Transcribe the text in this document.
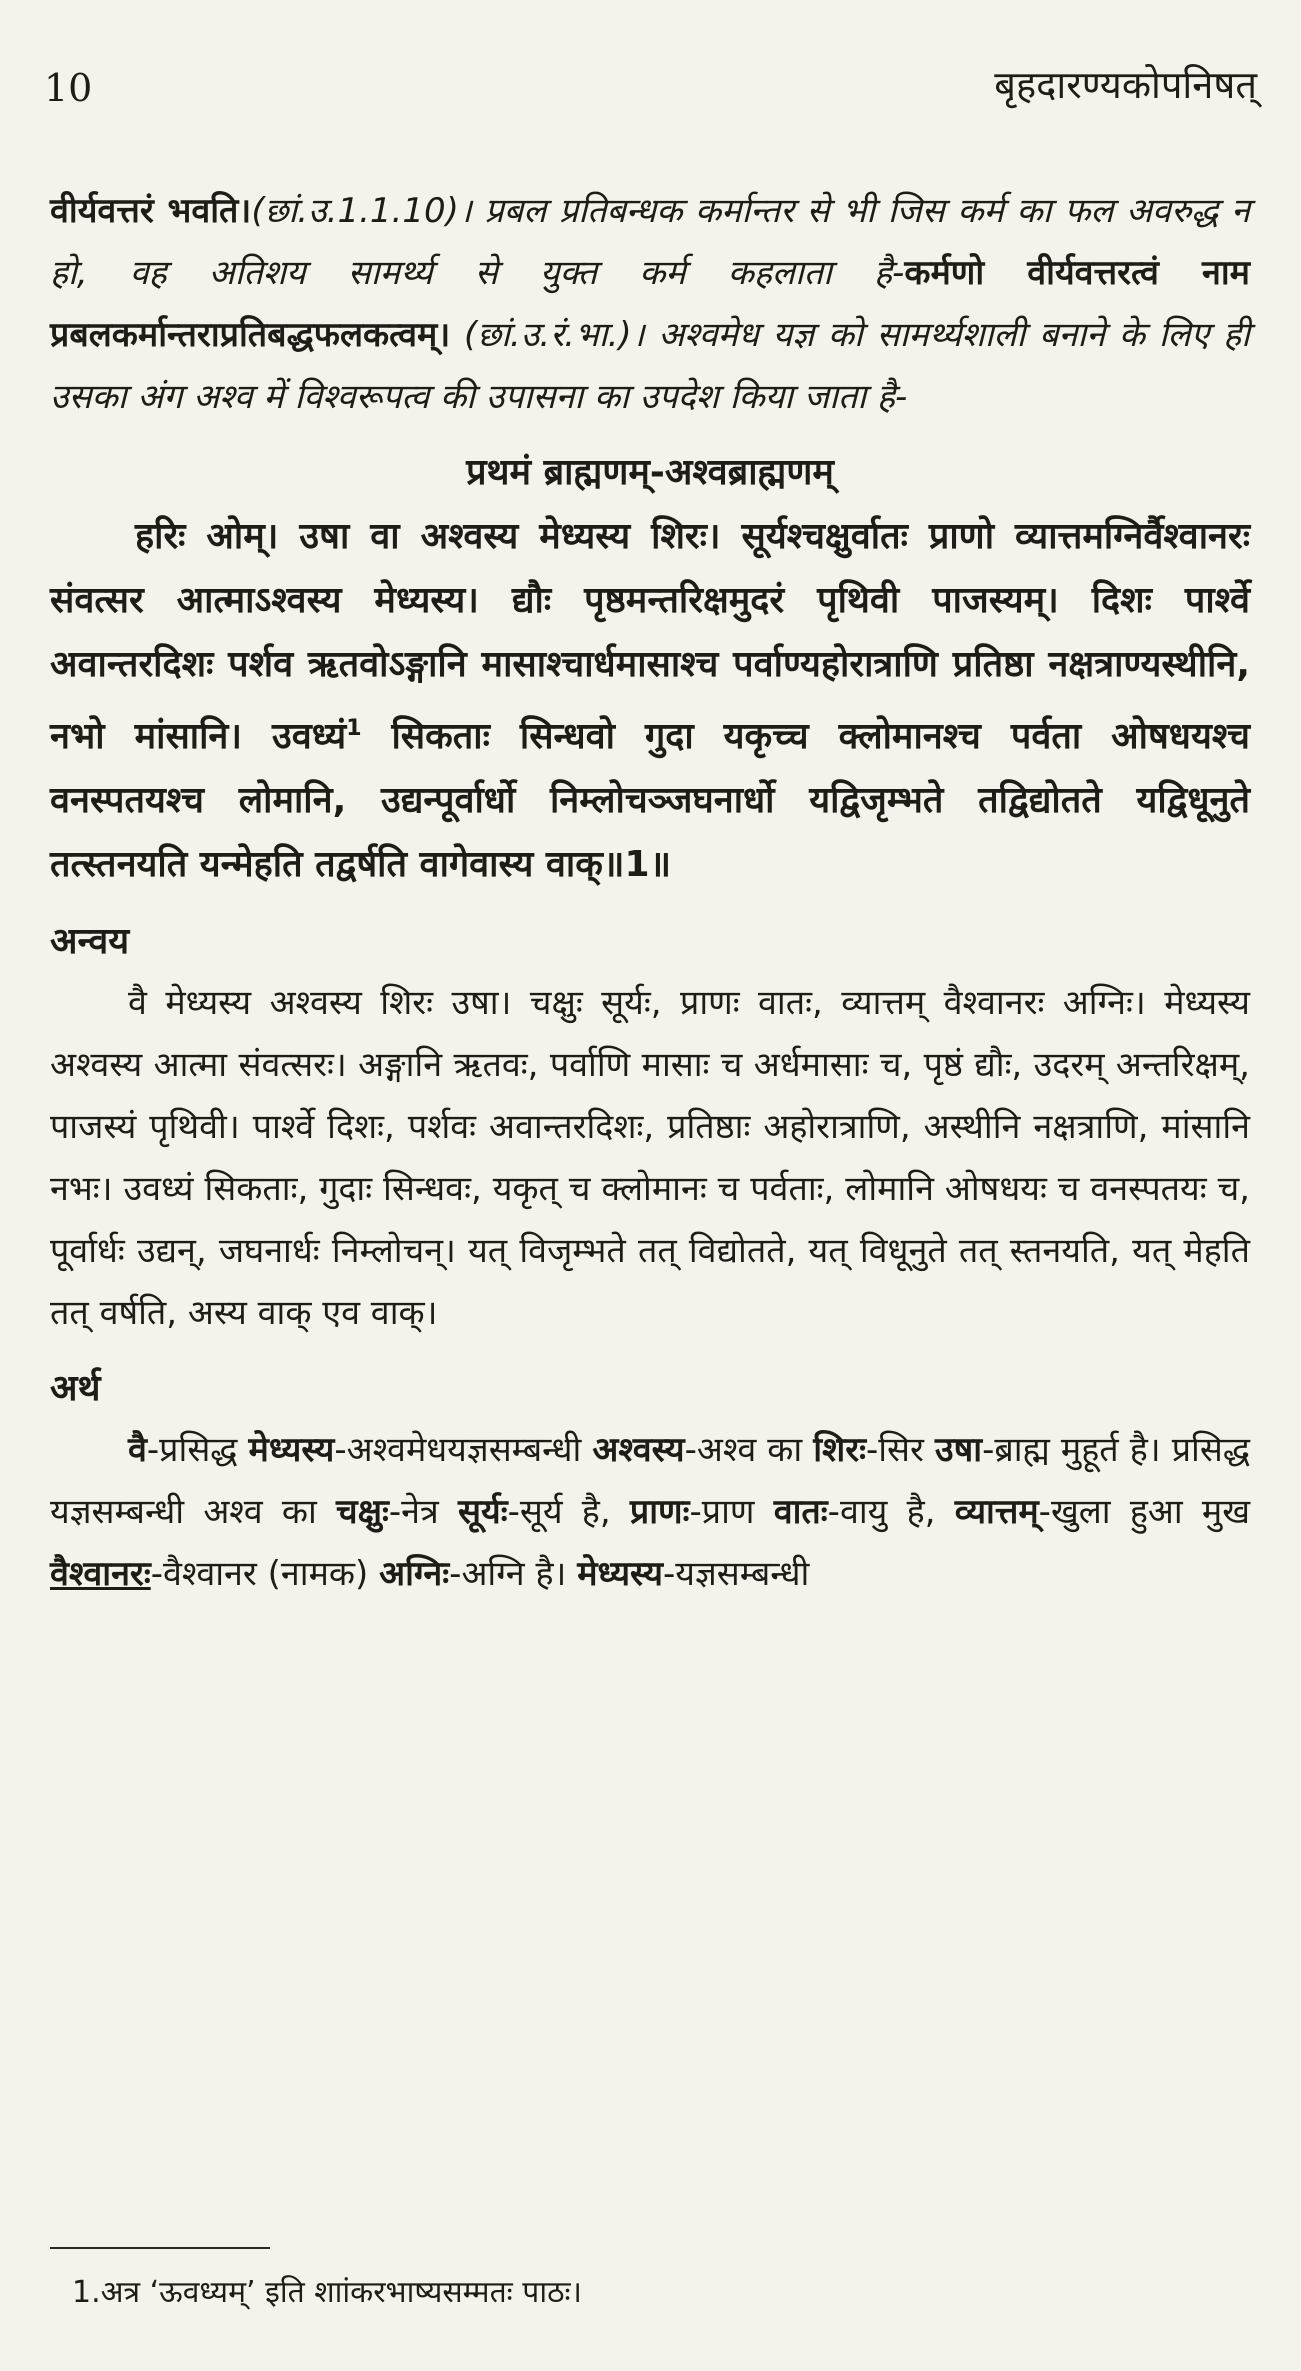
10	बृहदारण्यकोपनिषत्

वीर्यवत्तरं भवति।(छां.उ.1.1.10)। प्रबल प्रतिबन्धक कर्मान्तर से भी जिस कर्म का फल अवरुद्ध न हो, वह अतिशय सामर्थ्य से युक्त कर्म कहलाता है-कर्मणो वीर्यवत्तरत्वं नाम प्रबलकर्मान्तराप्रतिबद्धफलकत्वम्। (छां.उ.रं.भा.)। अश्वमेध यज्ञ को सामर्थ्यशाली बनाने के लिए ही उसका अंग अश्व में विश्वरूपत्व की उपासना का उपदेश किया जाता है-

प्रथमं ब्राह्मणम्-अश्वब्राह्मणम्

हरिः ओम्। उषा वा अश्वस्य मेध्यस्य शिरः। सूर्यश्चक्षुर्वातः प्राणो व्यात्तमग्निर्वैश्वानरः संवत्सर आत्माऽश्वस्य मेध्यस्य। द्यौः पृष्ठमन्तरिक्षमुदरं पृथिवी पाजस्यम्। दिशः पार्श्वे अवान्तरदिशः पर्शव ऋतवोऽङ्गानि मासाश्चार्धमासाश्च पर्वाण्यहोरात्राणि प्रतिष्ठा नक्षत्राण्यस्थीनि, नभो मांसानि। उवध्यं$^1$ सिकताः सिन्धवो गुदा यकृच्च क्लोमानश्च पर्वता ओषधयश्च वनस्पतयश्च लोमानि, उद्यन्पूर्वार्धो निम्लोचञ्जघनार्धो यद्विजृम्भते तद्विद्योतते यद्विधूनुते तत्स्तनयति यन्मेहति तद्वर्षति वागेवास्य वाक्॥1॥

अन्वय

वै मेध्यस्य अश्वस्य शिरः उषा। चक्षुः सूर्यः, प्राणः वातः, व्यात्तम् वैश्वानरः अग्निः। मेध्यस्य अश्वस्य आत्मा संवत्सरः। अङ्गानि ऋतवः, पर्वाणि मासाः च अर्धमासाः च, पृष्ठं द्यौः, उदरम् अन्तरिक्षम्, पाजस्यं पृथिवी। पार्श्वे दिशः, पर्शवः अवान्तरदिशः, प्रतिष्ठाः अहोरात्राणि, अस्थीनि नक्षत्राणि, मांसानि नभः। उवध्यं सिकताः, गुदाः सिन्धवः, यकृत् च क्लोमानः च पर्वताः, लोमानि ओषधयः च वनस्पतयः च, पूर्वार्धः उद्यन्, जघनार्धः निम्लोचन्। यत् विजृम्भते तत् विद्योतते, यत् विधूनुते तत् स्तनयति, यत् मेहति तत् वर्षति, अस्य वाक् एव वाक्।

अर्थ

वै-प्रसिद्ध मेध्यस्य-अश्वमेधयज्ञसम्बन्धी अश्वस्य-अश्व का शिरः-सिर उषा-ब्राह्म मुहूर्त है। प्रसिद्ध यज्ञसम्बन्धी अश्व का चक्षुः-नेत्र सूर्यः-सूर्य है, प्राणः-प्राण वातः-वायु है, व्यात्तम्-खुला हुआ मुख वैश्वानरः-वैश्वानर (नामक) अग्निः-अग्नि है। मेध्यस्य-यज्ञसम्बन्धी

1.अत्र ‘ऊवध्यम्’ इति शाांकरभाष्यसम्मतः पाठः।
